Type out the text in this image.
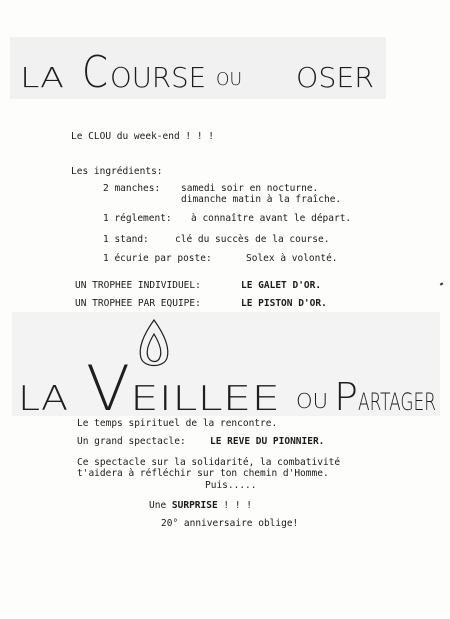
LA C OURSE OU OSER
Le CLOU du week-end ! ! !
Les ingrédients:
2 manches: samedi soir en nocturne.
dimanche matin à la fraîche.
1 réglement: à connaître avant le départ.
1 stand:	clé du succès de la course.
1 écurie par poste:	Solex à volonté.
UN TROPHEE INDIVIDUEL:	LE GALET D'OR.
UN TROPHEE PAR EQUIPE:	LE PISTON D'OR.
LA V EILLEE OU P ARTAGER
Le temps spirituel de la rencontre.
Un grand spectacle:	LE REVE DU PIONNIER.
Ce spectacle sur la solidarité, la combativité
t'aidera à réfléchir sur ton chemin d'Homme.
Puis.....
Une SURPRISE ! ! !
20° anniversaire oblige!
